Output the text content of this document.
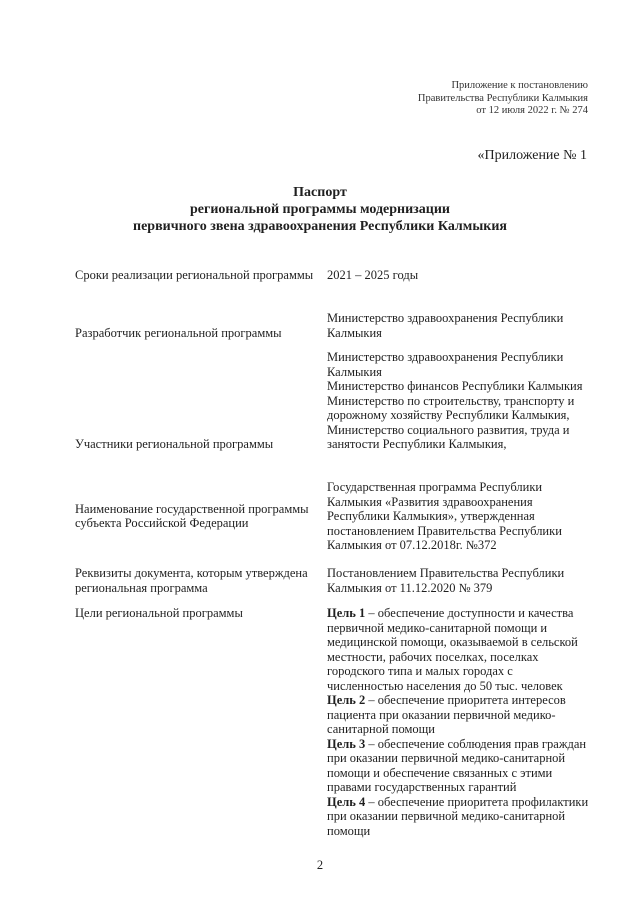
Приложение к постановлению
Правительства Республики Калмыкия
от 12 июля 2022 г. № 274
«Приложение № 1
Паспорт
региональной программы модернизации
первичного звена здравоохранения Республики Калмыкия
Сроки реализации региональной программы	2021 – 2025 годы
Разработчик региональной программы
Министерство здравоохранения Республики Калмыкия
Участники региональной программы
Министерство здравоохранения Республики Калмыкия
Министерство финансов Республики Калмыкия
Министерство по строительству, транспорту и дорожному хозяйству Республики Калмыкия,
Министерство социального развития, труда и занятости Республики Калмыкия,
Наименование государственной программы субъекта Российской Федерации
Государственная программа Республики Калмыкия «Развития здравоохранения Республики Калмыкия», утвержденная постановлением Правительства Республики Калмыкия от 07.12.2018г. №372
Реквизиты документа, которым утверждена региональная программа
Постановлением Правительства Республики Калмыкия от 11.12.2020 № 379
Цели региональной программы	Цель 1 – обеспечение доступности и качества первичной медико-санитарной помощи и медицинской помощи, оказываемой в сельской местности, рабочих поселках, поселках городского типа и малых городах с численностью населения до 50 тыс. человек
Цель 2 – обеспечение приоритета интересов пациента при оказании первичной медико-санитарной помощи
Цель 3 – обеспечение соблюдения прав граждан при оказании первичной медико-санитарной помощи и обеспечение связанных с этими правами государственных гарантий
Цель 4 – обеспечение приоритета профилактики при оказании первичной медико-санитарной помощи
2
